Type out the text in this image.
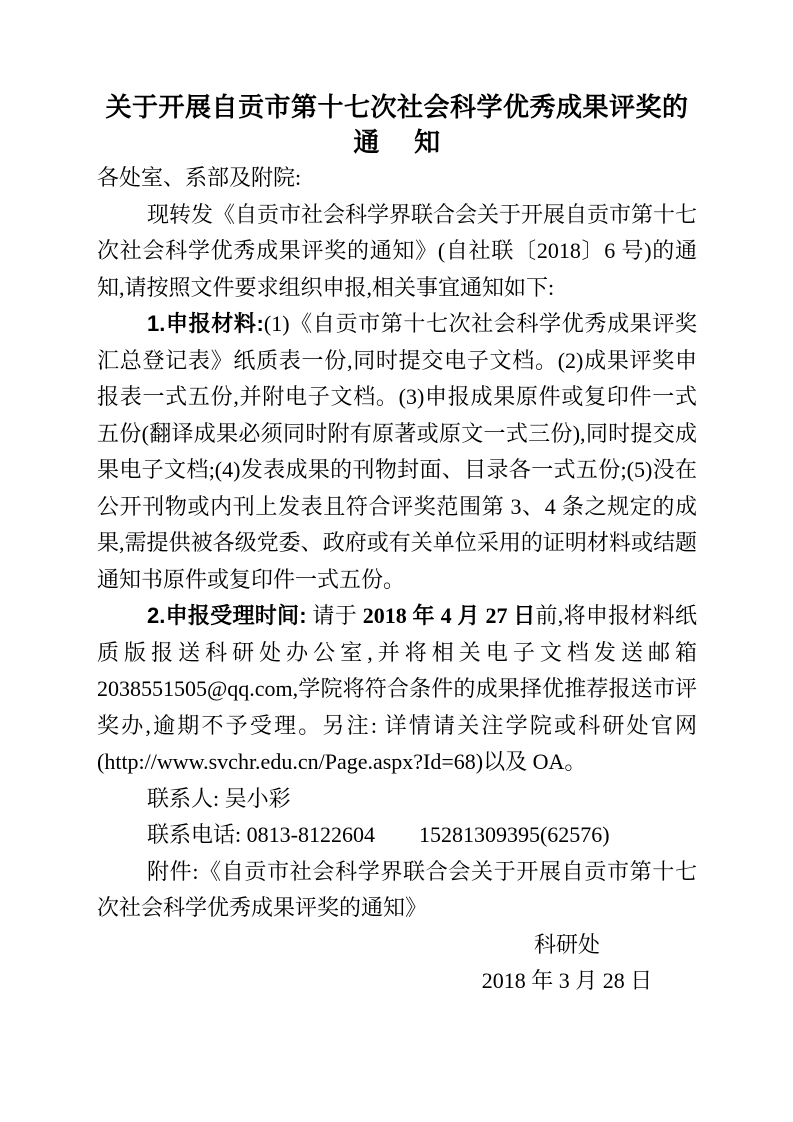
关于开展自贡市第十七次社会科学优秀成果评奖的
通　 知

各处室、系部及附院:

现转发《自贡市社会科学界联合会关于开展自贡市第十七次社会科学优秀成果评奖的通知》(自社联〔2018〕6 号)的通知,请按照文件要求组织申报,相关事宜通知如下:

1.申报材料:(1)《自贡市第十七次社会科学优秀成果评奖汇总登记表》纸质表一份,同时提交电子文档。(2)成果评奖申报表一式五份,并附电子文档。(3)申报成果原件或复印件一式五份(翻译成果必须同时附有原著或原文一式三份),同时提交成果电子文档;(4)发表成果的刊物封面、目录各一式五份;(5)没在公开刊物或内刊上发表且符合评奖范围第 3、4 条之规定的成果,需提供被各级党委、政府或有关单位采用的证明材料或结题通知书原件或复印件一式五份。

2.申报受理时间: 请于 2018 年 4 月 27 日前,将申报材料纸质版报送科研处办公室,并将相关电子文档发送邮箱 2038551505@qq.com,学院将符合条件的成果择优推荐报送市评奖办,逾期不予受理。另注: 详情请关注学院或科研处官网(http://www.svchr.edu.cn/Page.aspx?Id=68)以及 OA。

联系人: 吴小彩

联系电话: 0813-8122604　　15281309395(62576)

附件:《自贡市社会科学界联合会关于开展自贡市第十七次社会科学优秀成果评奖的通知》

科研处

2018 年 3 月 28 日
